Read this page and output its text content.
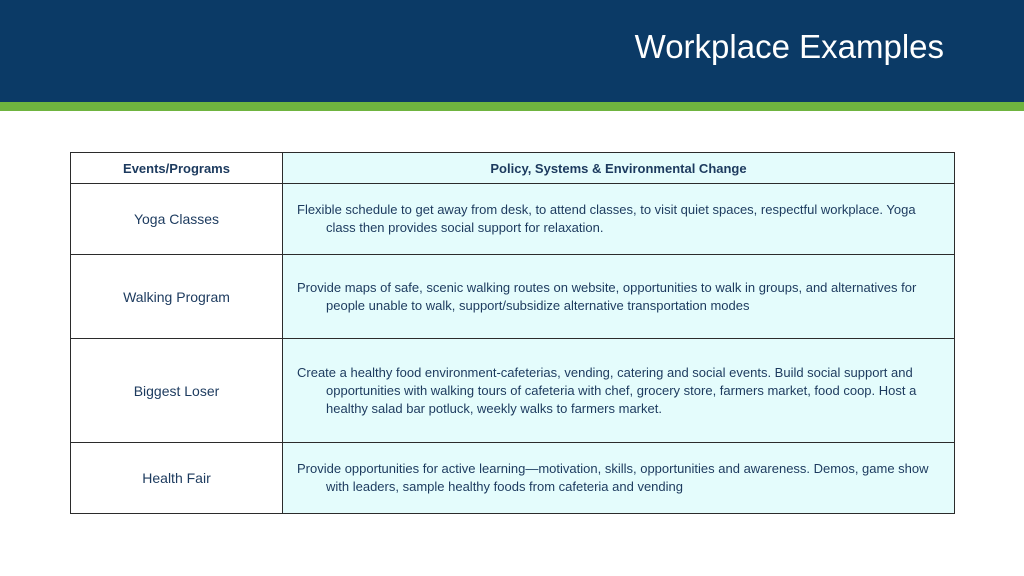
Workplace Examples
Events/Programs	Policy, Systems & Environmental Change
Yoga Classes	Flexible schedule to get away from desk, to attend classes, to visit quiet spaces, respectful workplace. Yoga class then provides social support for relaxation.

Walking Program	Provide maps of safe, scenic walking routes on website, opportunities to walk in groups, and alternatives for people unable to walk, support/subsidize alternative transportation modes

Biggest Loser	Create a healthy food environment-cafeterias, vending, catering and social events. Build social support and opportunities with walking tours of cafeteria with chef, grocery store, farmers market, food coop. Host a healthy salad bar potluck, weekly walks to farmers market.

Health Fair	Provide opportunities for active learning—motivation, skills, opportunities and awareness. Demos, game show with leaders, sample healthy foods from cafeteria and vending
